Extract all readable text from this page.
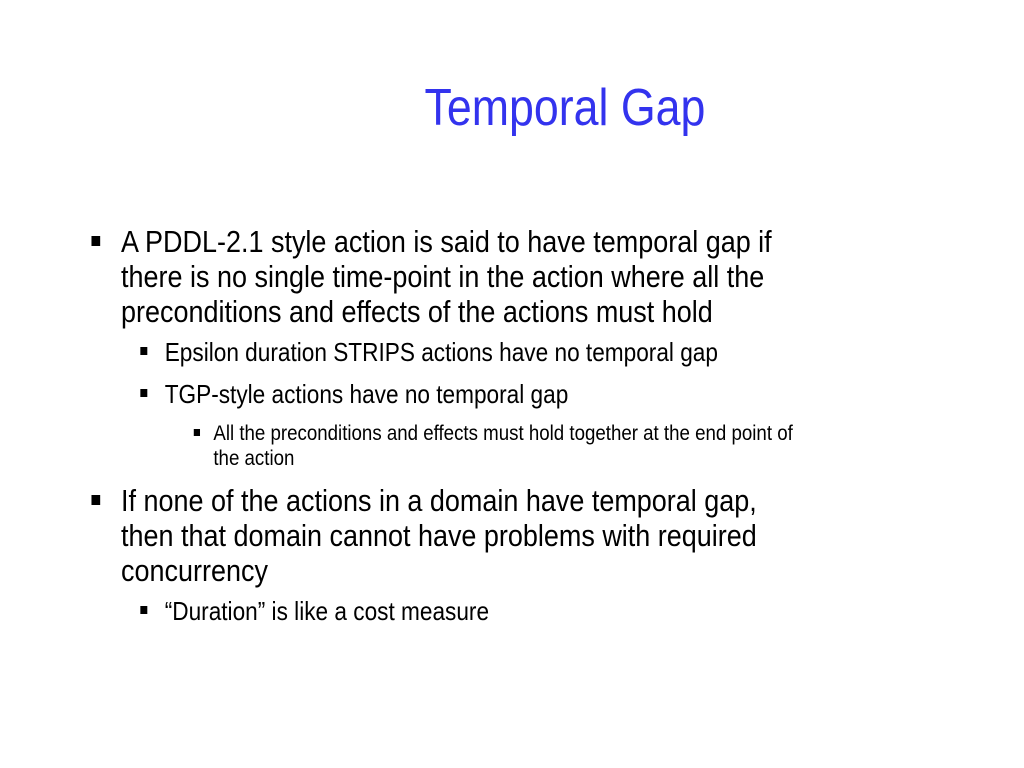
Temporal Gap
A PDDL-2.1 style action is said to have temporal gap if
there is no single time-point in the action where all the
preconditions and effects of the actions must hold
Epsilon duration STRIPS actions have no temporal gap
TGP-style actions have no temporal gap
All the preconditions and effects must hold together at the end point of
the action
If none of the actions in a domain have temporal gap,
then that domain cannot have problems with required
concurrency
“Duration” is like a cost measure
